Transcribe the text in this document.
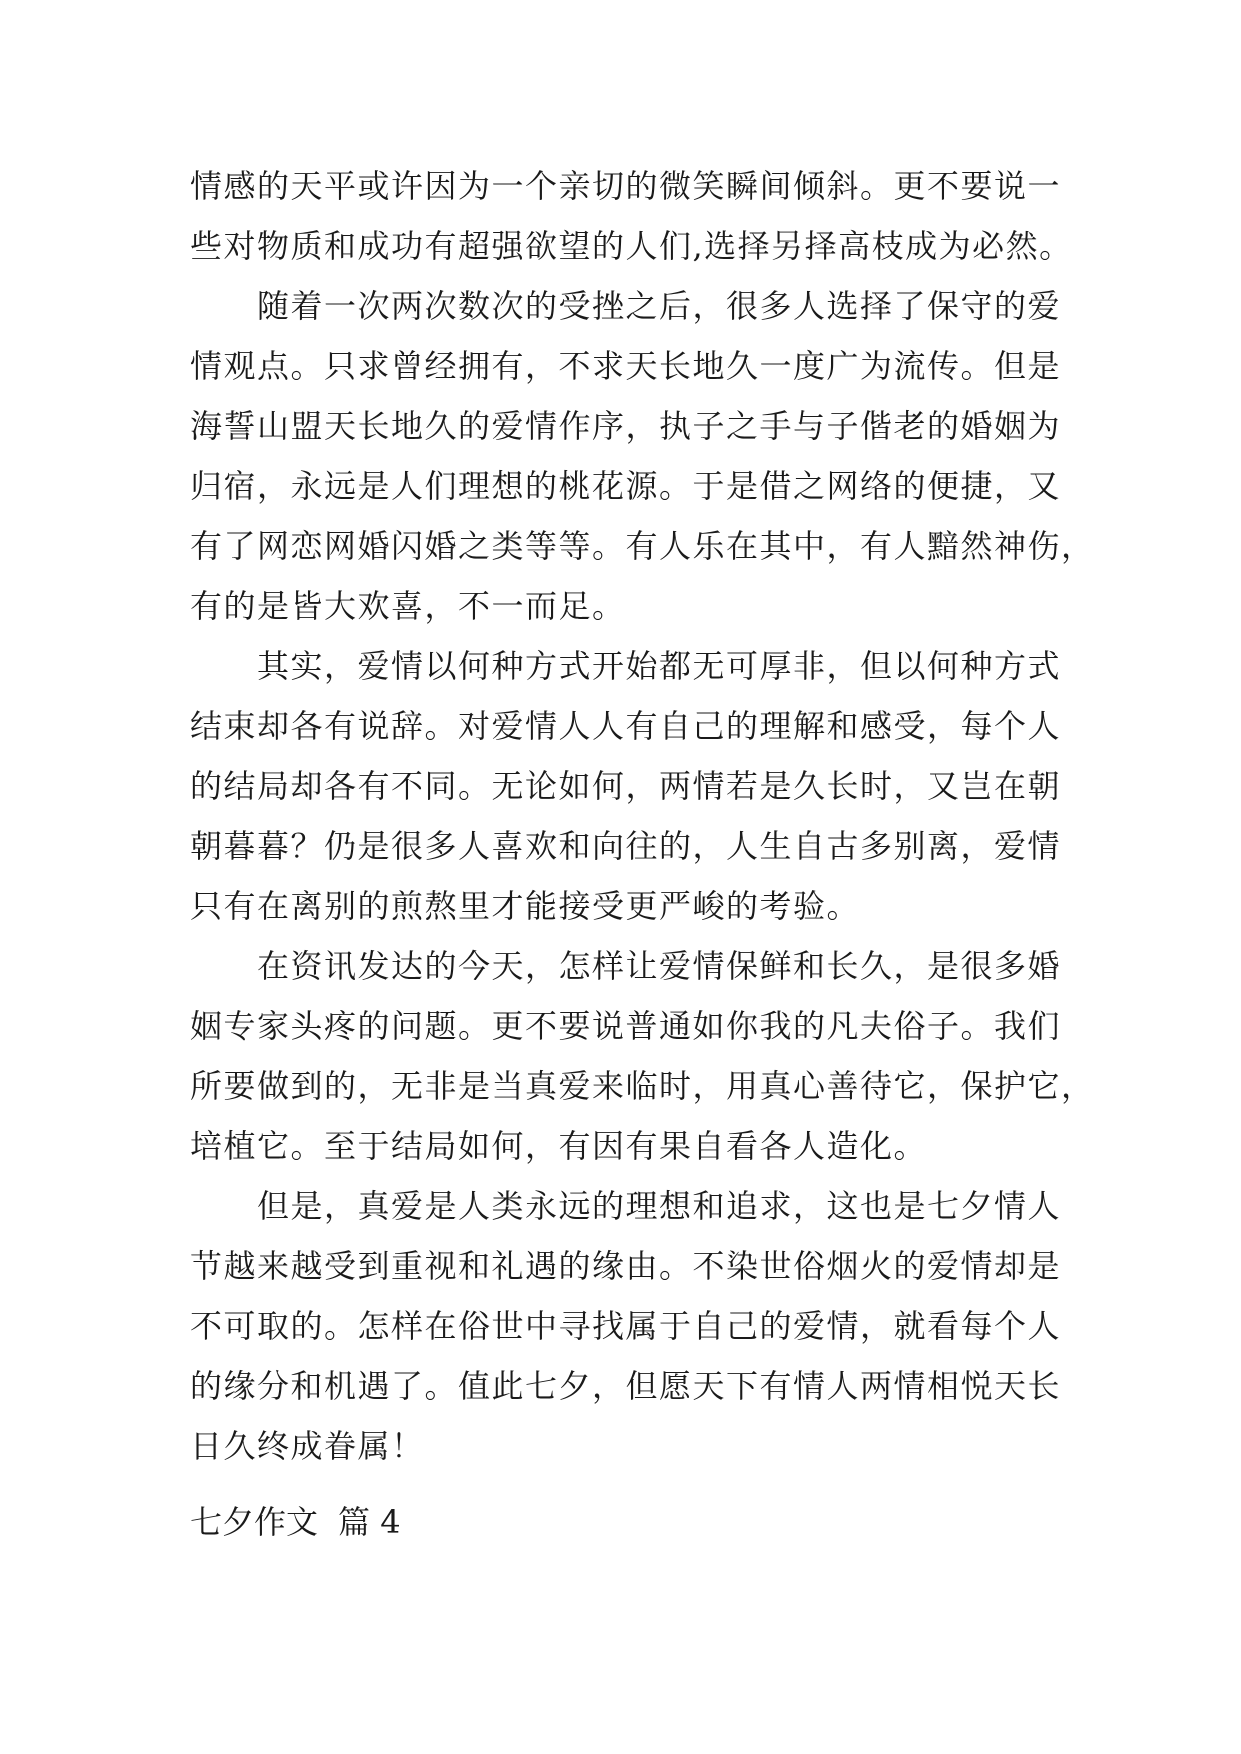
情感的天平或许因为一个亲切的微笑瞬间倾斜。更不要说一
些对物质和成功有超强欲望的人们,选择另择高枝成为必然。
　　随着一次两次数次的受挫之后，很多人选择了保守的爱
情观点。只求曾经拥有，不求天长地久一度广为流传。但是
海誓山盟天长地久的爱情作序，执子之手与子偕老的婚姻为
归宿，永远是人们理想的桃花源。于是借之网络的便捷，又
有了网恋网婚闪婚之类等等。有人乐在其中，有人黯然神伤，
有的是皆大欢喜，不一而足。
　　其实，爱情以何种方式开始都无可厚非，但以何种方式
结束却各有说辞。对爱情人人有自己的理解和感受，每个人
的结局却各有不同。无论如何，两情若是久长时，又岂在朝
朝暮暮？仍是很多人喜欢和向往的，人生自古多别离，爱情
只有在离别的煎熬里才能接受更严峻的考验。
　　在资讯发达的今天，怎样让爱情保鲜和长久，是很多婚
姻专家头疼的问题。更不要说普通如你我的凡夫俗子。我们
所要做到的，无非是当真爱来临时，用真心善待它，保护它，
培植它。至于结局如何，有因有果自看各人造化。
　　但是，真爱是人类永远的理想和追求，这也是七夕情人
节越来越受到重视和礼遇的缘由。不染世俗烟火的爱情却是
不可取的。怎样在俗世中寻找属于自己的爱情，就看每个人
的缘分和机遇了。值此七夕，但愿天下有情人两情相悦天长
日久终成眷属！
七夕作文 篇 4
